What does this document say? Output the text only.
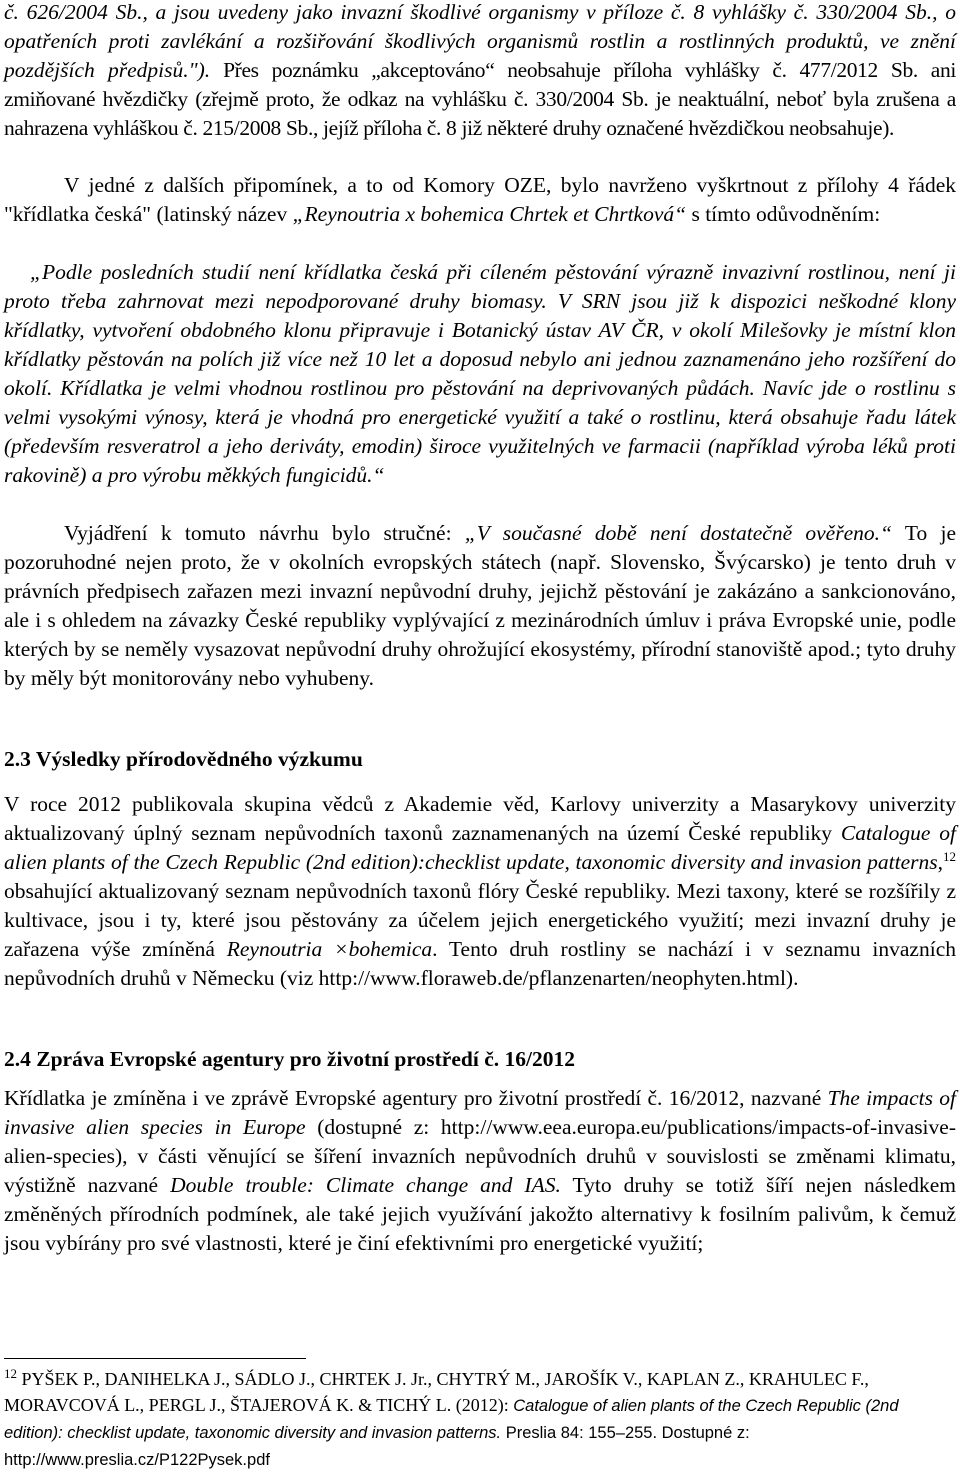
č. 626/2004 Sb., a jsou uvedeny jako invazní škodlivé organismy v příloze č. 8 vyhlášky č. 330/2004 Sb., o opatřeních proti zavlékání a rozšiřování škodlivých organismů rostlin a rostlinných produktů, ve znění pozdějších předpisů."). Přes poznámku „akceptováno“ neobsahuje příloha vyhlášky č. 477/2012 Sb. ani zmiňované hvězdičky (zřejmě proto, že odkaz na vyhlášku č. 330/2004 Sb. je neaktuální, neboť byla zrušena a nahrazena vyhláškou č. 215/2008 Sb., jejíž příloha č. 8 již některé druhy označené hvězdičkou neobsahuje).

V jedné z dalších připomínek, a to od Komory OZE, bylo navrženo vyškrtnout z přílohy 4 řádek "křídlatka česká" (latinský název „Reynoutria x bohemica Chrtek et Chrtková“ s tímto odůvodněním:

„Podle posledních studií není křídlatka česká při cíleném pěstování výrazně invazivní rostlinou, není ji proto třeba zahrnovat mezi nepodporované druhy biomasy. V SRN jsou již k dispozici neškodné klony křídlatky, vytvoření obdobného klonu připravuje i Botanický ústav AV ČR, v okolí Milešovky je místní klon křídlatky pěstován na polích již více než 10 let a doposud nebylo ani jednou zaznamenáno jeho rozšíření do okolí. Křídlatka je velmi vhodnou rostlinou pro pěstování na deprivovaných půdách. Navíc jde o rostlinu s velmi vysokými výnosy, která je vhodná pro energetické využití a také o rostlinu, která obsahuje řadu látek (především resveratrol a jeho deriváty, emodin) široce využitelných ve farmacii (například výroba léků proti rakovině) a pro výrobu měkkých fungicidů.“

Vyjádření k tomuto návrhu bylo stručné: „V současné době není dostatečně ověřeno.“ To je pozoruhodné nejen proto, že v okolních evropských státech (např. Slovensko, Švýcarsko) je tento druh v právních předpisech zařazen mezi invazní nepůvodní druhy, jejichž pěstování je zakázáno a sankcionováno, ale i s ohledem na závazky České republiky vyplývající z mezinárodních úmluv i práva Evropské unie, podle kterých by se neměly vysazovat nepůvodní druhy ohrožující ekosystémy, přírodní stanoviště apod.; tyto druhy by měly být monitorovány nebo vyhubeny.

2.3 Výsledky přírodovědného výzkumu

V roce 2012 publikovala skupina vědců z Akademie věd, Karlovy univerzity a Masarykovy univerzity aktualizovaný úplný seznam nepůvodních taxonů zaznamenaných na území České republiky Catalogue of alien plants of the Czech Republic (2nd edition):checklist update, taxonomic diversity and invasion patterns,$^{12}$ obsahující aktualizovaný seznam nepůvodních taxonů flóry České republiky. Mezi taxony, které se rozšířily z kultivace, jsou i ty, které jsou pěstovány za účelem jejich energetického využití; mezi invazní druhy je zařazena výše zmíněná Reynoutria ×bohemica. Tento druh rostliny se nachází i v seznamu invazních nepůvodních druhů v Německu (viz http://www.floraweb.de/pflanzenarten/neophyten.html).

2.4 Zpráva Evropské agentury pro životní prostředí č. 16/2012

Křídlatka je zmíněna i ve zprávě Evropské agentury pro životní prostředí č. 16/2012, nazvané The impacts of invasive alien species in Europe (dostupné z: http://www.eea.europa.eu/publications/impacts-of-invasive-alien-species), v části věnující se šíření invazních nepůvodních druhů v souvislosti se změnami klimatu, výstižně nazvané Double trouble: Climate change and IAS. Tyto druhy se totiž šíří nejen následkem změněných přírodních podmínek, ale také jejich využívání jakožto alternativy k fosilním palivům, k čemuž jsou vybírány pro své vlastnosti, které je činí efektivními pro energetické využití;

$^{12}$ PYŠEK P., DANIHELKA J., SÁDLO J., CHRTEK J. Jr., CHYTRÝ M., JAROŠÍK V., KAPLAN Z., KRAHULEC F., MORAVCOVÁ L., PERGL J., ŠTAJEROVÁ K. & TICHÝ L. (2012): Catalogue of alien plants of the Czech Republic (2nd edition): checklist update, taxonomic diversity and invasion patterns. Preslia 84: 155–255. Dostupné z: http://www.preslia.cz/P122Pysek.pdf
